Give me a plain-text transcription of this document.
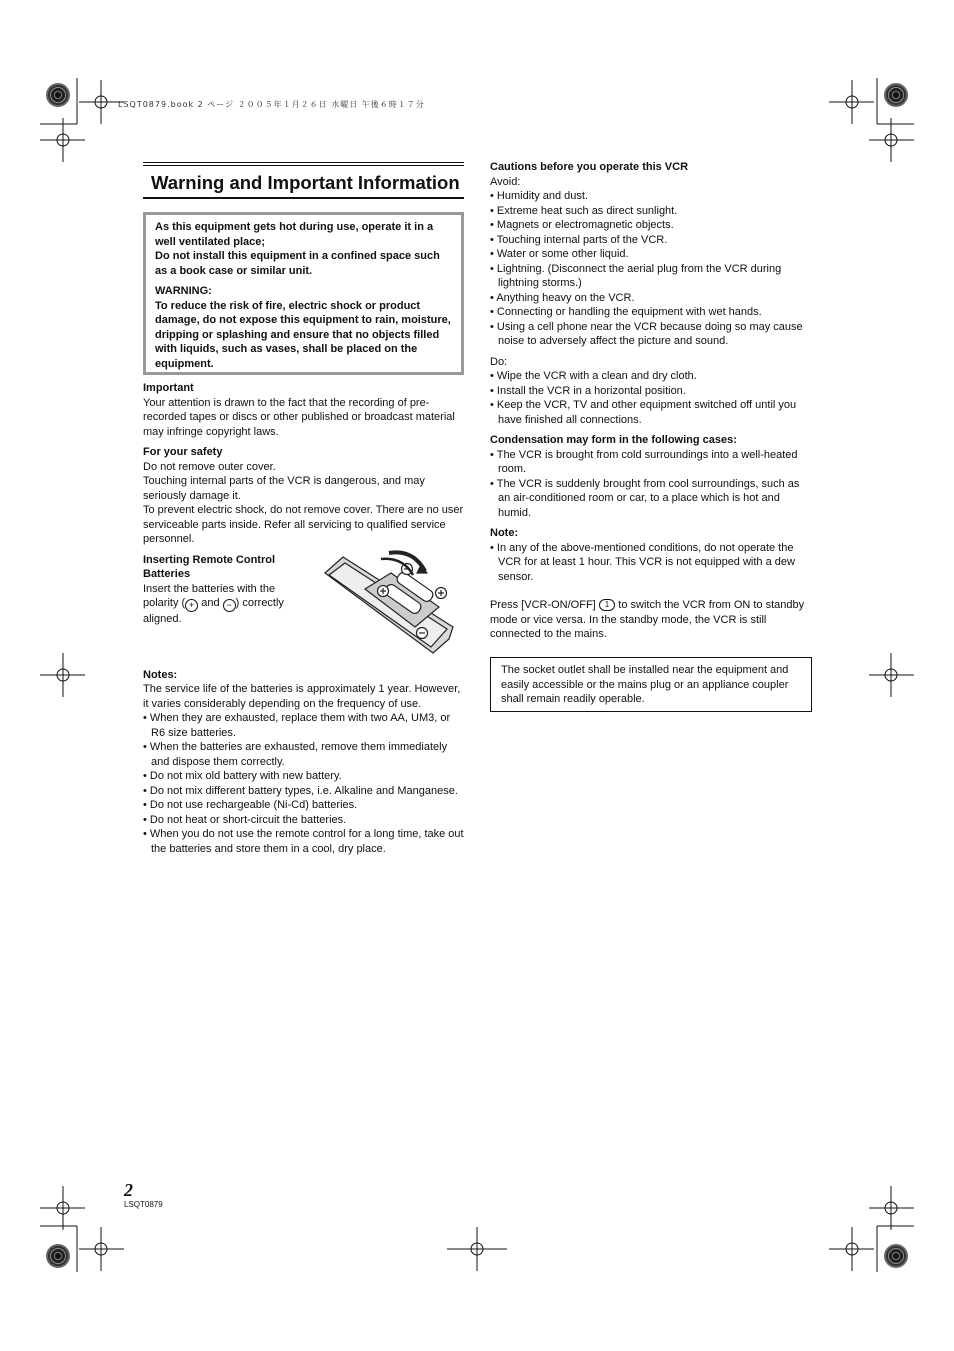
LSQT0879.book 2 ページ ２００５年１月２６日 水曜日 午後６時１７分
Warning and Important Information

As this equipment gets hot during use, operate it in a well ventilated place;

Do not install this equipment in a confined space such as a book case or similar unit.

WARNING:

To reduce the risk of fire, electric shock or product damage, do not expose this equipment to rain, moisture, dripping or splashing and ensure that no objects filled with liquids, such as vases, shall be placed on the equipment.

Important

Your attention is drawn to the fact that the recording of pre-recorded tapes or discs or other published or broadcast material may infringe copyright laws.

For your safety

Do not remove outer cover.

Touching internal parts of the VCR is dangerous, and may seriously damage it.

To prevent electric shock, do not remove cover. There are no user serviceable parts inside. Refer all servicing to qualified service personnel.

Inserting Remote Control
Batteries

Insert the batteries with the polarity ( + and − ) correctly aligned.

Notes:

The service life of the batteries is approximately 1 year. However, it varies considerably depending on the frequency of use.

• When they are exhausted, replace them with two AA, UM3, or R6 size batteries.
• When the batteries are exhausted, remove them immediately and dispose them correctly.
• Do not mix old battery with new battery.
• Do not mix different battery types, i.e. Alkaline and Manganese.
• Do not use rechargeable (Ni-Cd) batteries.
• Do not heat or short-circuit the batteries.
• When you do not use the remote control for a long time, take out the batteries and store them in a cool, dry place.
Cautions before you operate this VCR

Avoid:

• Humidity and dust.
• Extreme heat such as direct sunlight.
• Magnets or electromagnetic objects.
• Touching internal parts of the VCR.
• Water or some other liquid.
• Lightning. (Disconnect the aerial plug from the VCR during lightning storms.)
• Anything heavy on the VCR.
• Connecting or handling the equipment with wet hands.
• Using a cell phone near the VCR because doing so may cause noise to adversely affect the picture and sound.

Do:

• Wipe the VCR with a clean and dry cloth.
• Install the VCR in a horizontal position.
• Keep the VCR, TV and other equipment switched off until you have finished all connections.
Condensation may form in the following cases:
• The VCR is brought from cold surroundings into a well-heated room.
• The VCR is suddenly brought from cool surroundings, such as an air-conditioned room or car, to a place which is hot and humid.
Note:
• In any of the above-mentioned conditions, do not operate the VCR for at least 1 hour. This VCR is not equipped with a dew sensor.

Press [VCR-ON/OFF] 1 to switch the VCR from ON to standby mode or vice versa. In the standby mode, the VCR is still connected to the mains.

The socket outlet shall be installed near the equipment and easily accessible or the mains plug or an appliance coupler shall remain readily operable.
2
LSQT0879
